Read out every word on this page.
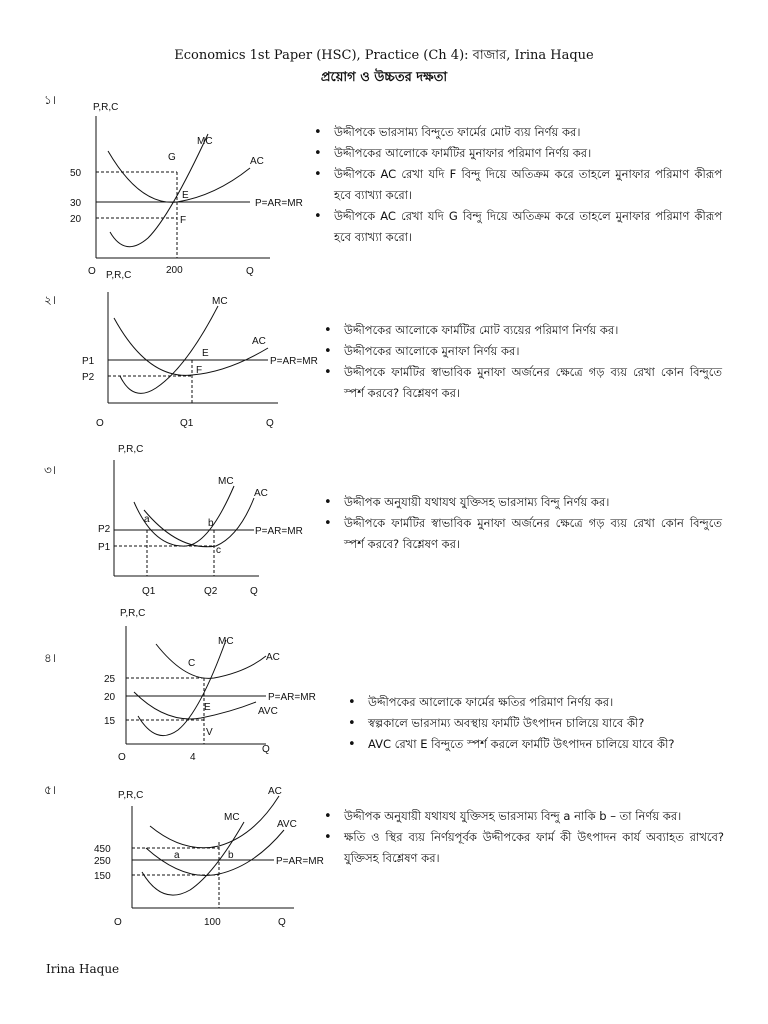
Economics 1st Paper (HSC), Practice (Ch 4): বাজার, Irina Haque
প্রয়োগ ও উচ্চতর দক্ষতা
১।
P,R,C
50
30
20
P=AR=MR
MC
AC
G
E
F
200
O	Q
P,R,C
• উদ্দীপকে ভারসাম্য বিন্দুতে ফার্মের মোট ব্যয় নির্ণয় কর।
• উদ্দীপকের আলোকে ফার্মটির মুনাফার পরিমাণ নির্ণয় কর।
• উদ্দীপকে AC রেখা যদি F বিন্দু দিয়ে অতিক্রম করে তাহলে মুনাফার পরিমাণ কীরূপ হবে ব্যাখ্যা করো।
• উদ্দীপকে AC রেখা যদি G বিন্দু দিয়ে অতিক্রম করে তাহলে মুনাফার পরিমাণ কীরূপ হবে ব্যাখ্যা করো।
২।
P1
P2
P=AR=MR
MC
AC
E
F
O	Q1	Q
• উদ্দীপকের আলোকে ফার্মটির মোট ব্যয়ের পরিমাণ নির্ণয় কর।
• উদ্দীপকের আলোকে মুনাফা নির্ণয় কর।
• উদ্দীপকে ফার্মটির স্বাভাবিক মুনাফা অর্জনের ক্ষেত্রে গড় ব্যয় রেখা কোন বিন্দুতে স্পর্শ করবে? বিশ্লেষণ কর।
৩।
P,R,C
P2
P1
P=AR=MR
MC
AC
a	b
c
Q1	Q2	Q
• উদ্দীপক অনুযায়ী যথাযথ যুক্তিসহ ভারসাম্য বিন্দু নির্ণয় কর।
• উদ্দীপকে ফার্মটির স্বাভাবিক মুনাফা অর্জনের ক্ষেত্রে গড় ব্যয় রেখা কোন বিন্দুতে স্পর্শ করবে? বিশ্লেষণ কর।
৪।
P,R,C
25
20
15
P=AR=MR
MC
AC
AVC
C
E
V
O	4
Q
• উদ্দীপকের আলোকে ফার্মের ক্ষতির পরিমাণ নির্ণয় কর।
• স্বল্পকালে ভারসাম্য অবস্থায় ফার্মটি উৎপাদন চালিয়ে যাবে কী?
• AVC রেখা E বিন্দুতে স্পর্শ করলে ফার্মটি উৎপাদন চালিয়ে যাবে কী?
৫।	P,R,C
450
250
150
P=AR=MR
MC
AC
AVC
a	b
O	100	Q
• উদ্দীপক অনুযায়ী যথাযথ যুক্তিসহ ভারসাম্য বিন্দু a নাকি b – তা নির্ণয় কর।
• ক্ষতি ও স্থির ব্যয় নির্ণয়পূর্বক উদ্দীপকের ফার্ম কী উৎপাদন কার্য অব্যাহত রাখবে? যুক্তিসহ বিশ্লেষণ কর।
Irina Haque
